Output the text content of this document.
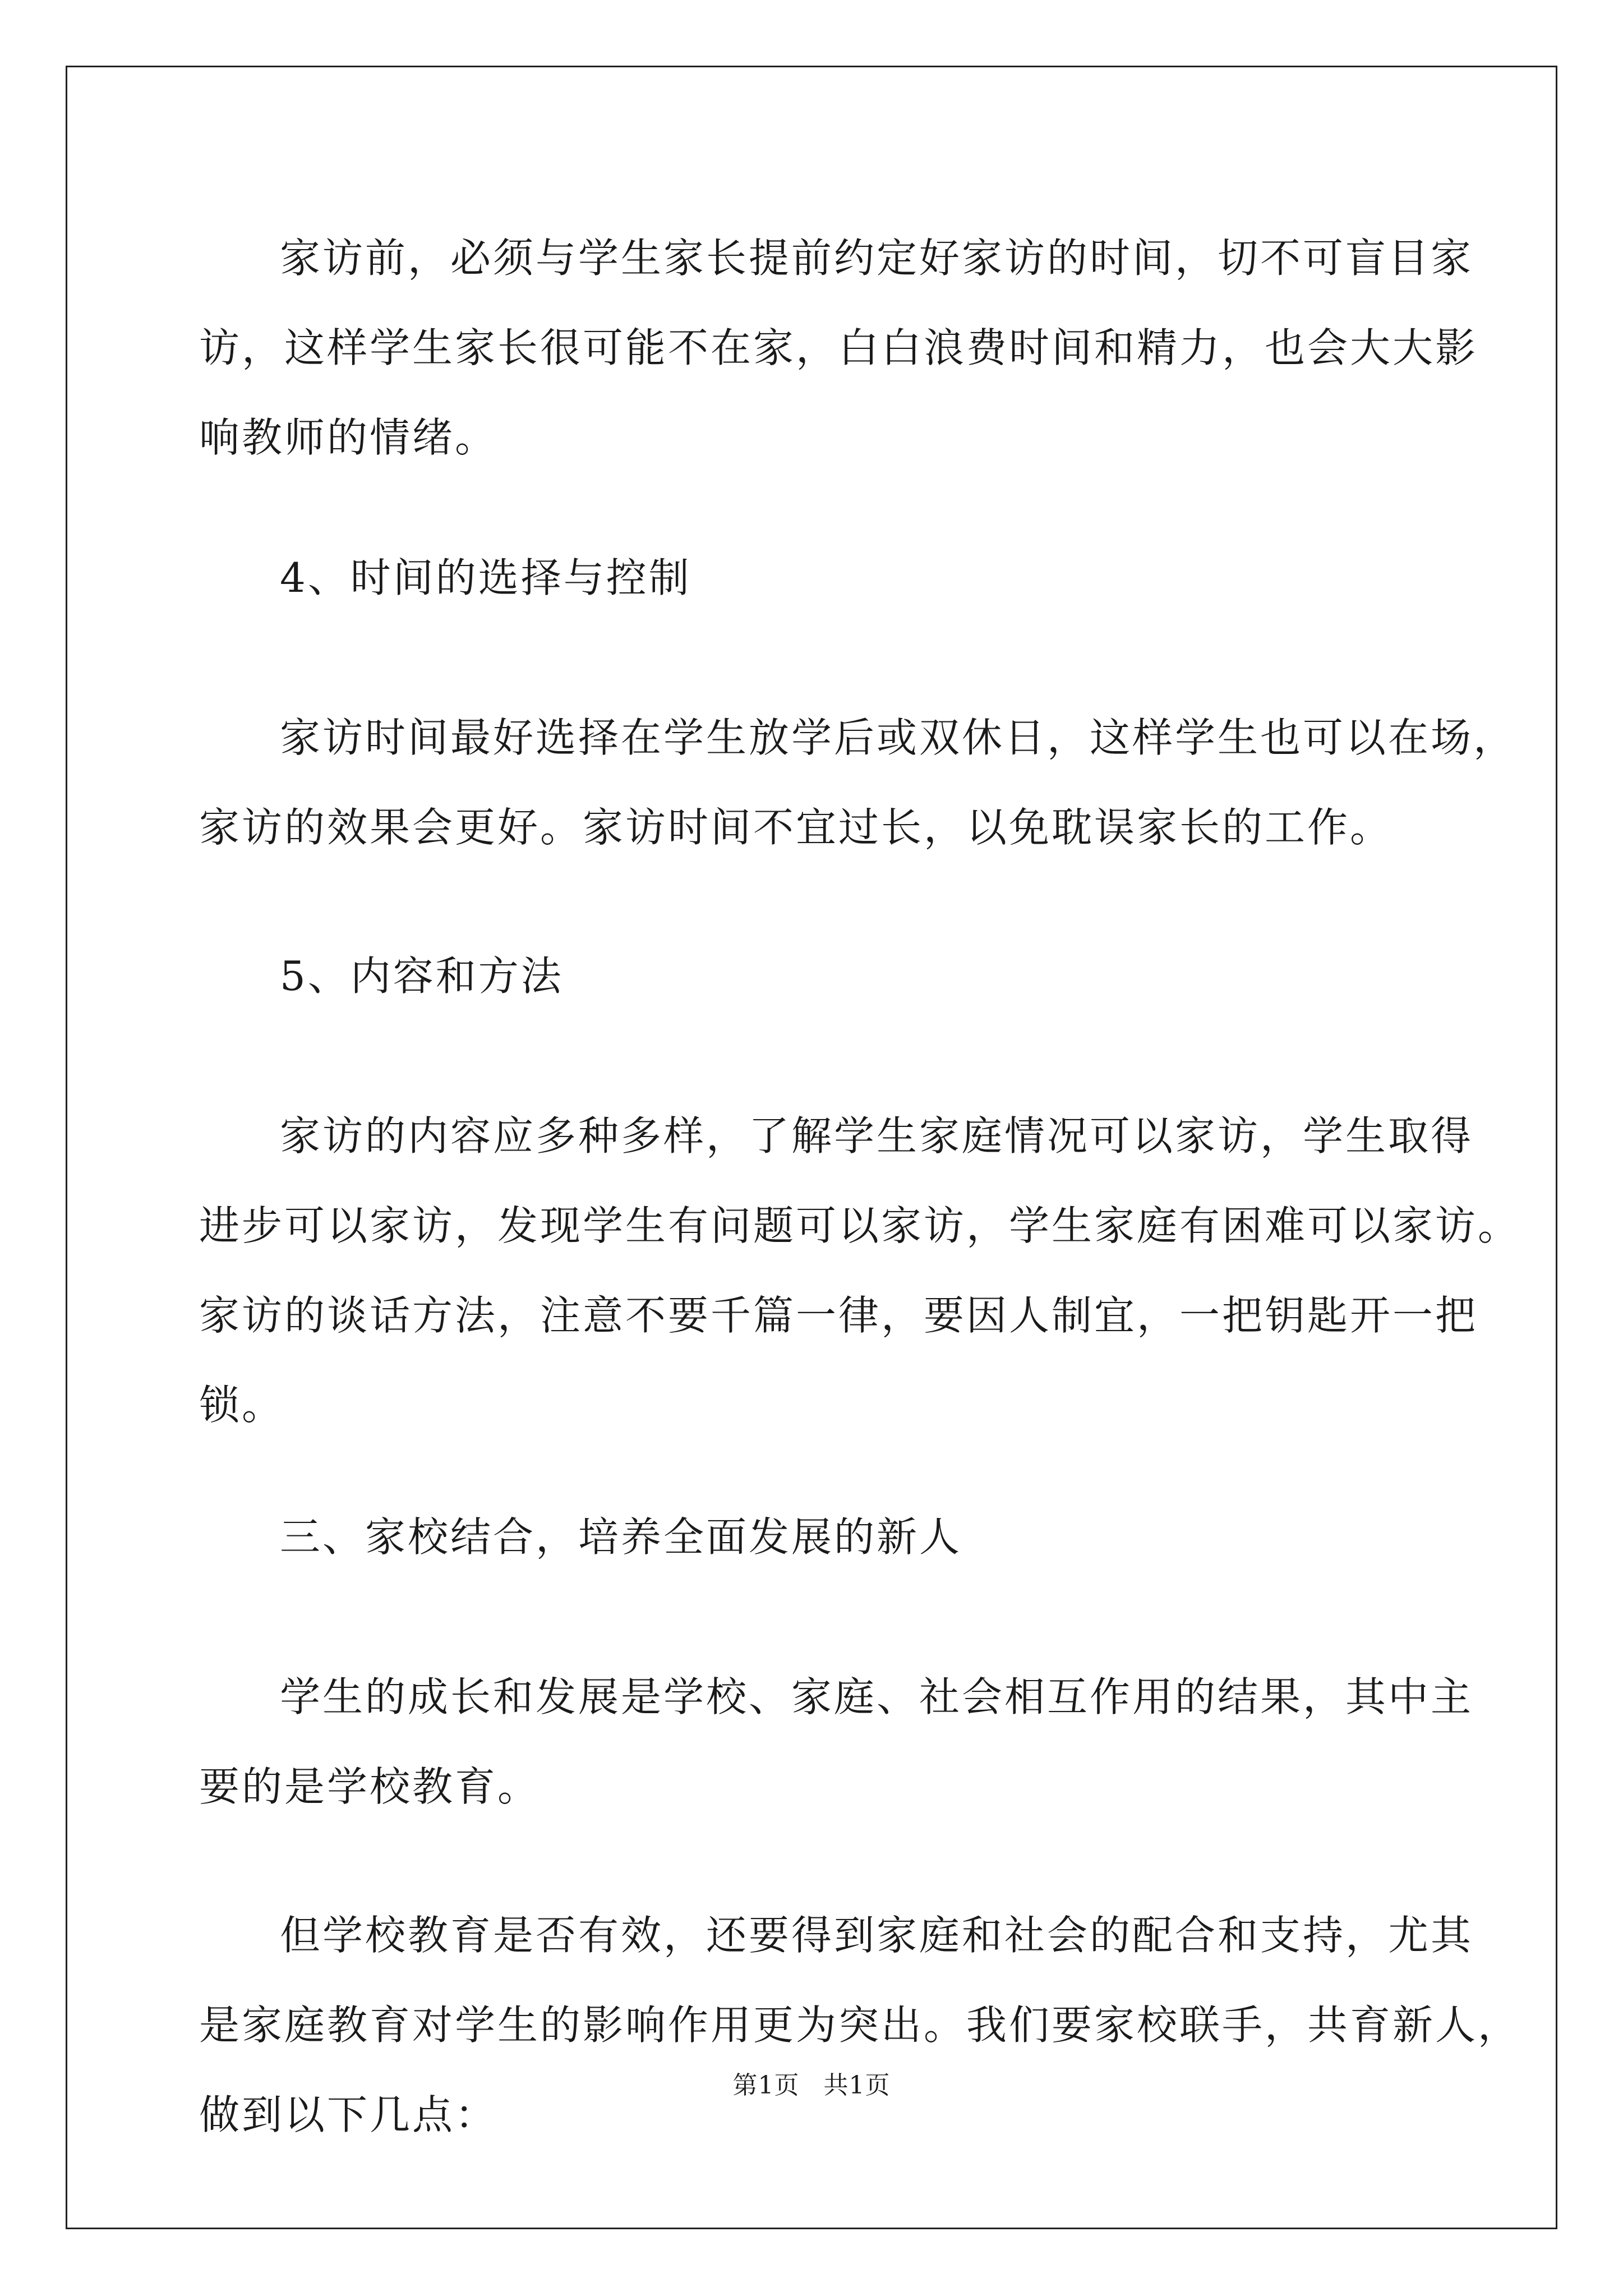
家访前，必须与学生家长提前约定好家访的时间，切不可盲目家
访，这样学生家长很可能不在家，白白浪费时间和精力，也会大大影
响教师的情绪。
4、时间的选择与控制
家访时间最好选择在学生放学后或双休日，这样学生也可以在场，
家访的效果会更好。家访时间不宜过长，以免耽误家长的工作。
5、内容和方法
家访的内容应多种多样，了解学生家庭情况可以家访，学生取得
进步可以家访，发现学生有问题可以家访，学生家庭有困难可以家访。
家访的谈话方法，注意不要千篇一律，要因人制宜，一把钥匙开一把
锁。
三、家校结合，培养全面发展的新人
学生的成长和发展是学校、家庭、社会相互作用的结果，其中主
要的是学校教育。
但学校教育是否有效，还要得到家庭和社会的配合和支持，尤其
是家庭教育对学生的影响作用更为突出。我们要家校联手，共育新人，
做到以下几点：
第1页 共1页
